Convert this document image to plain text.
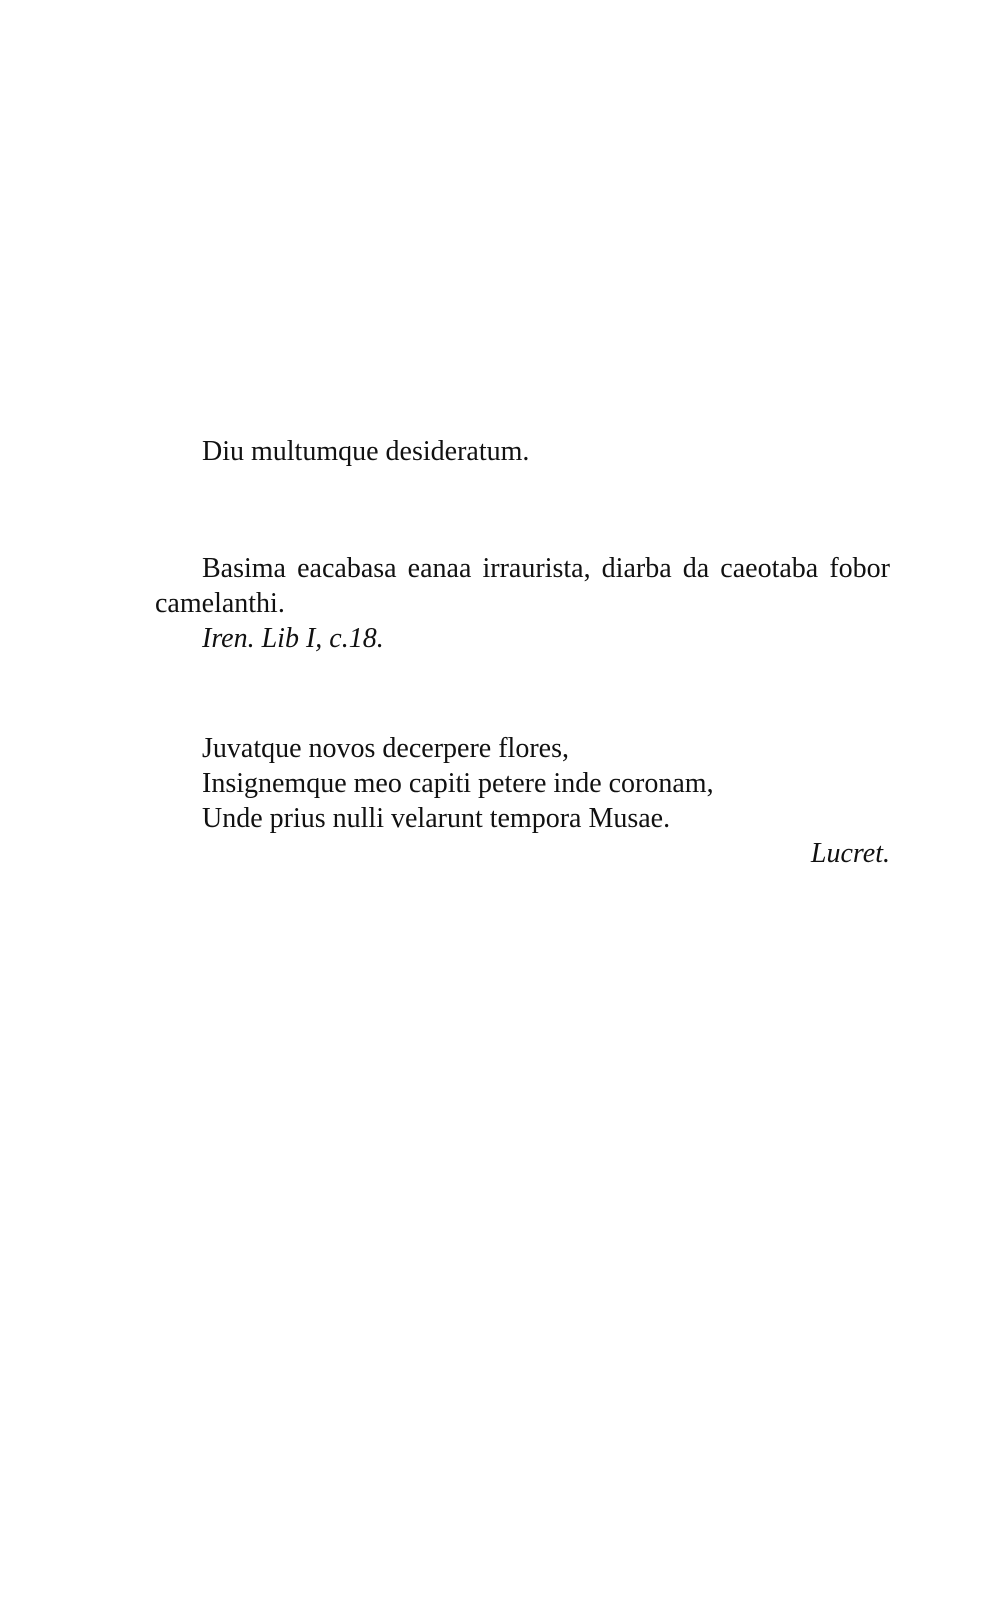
Diu multumque desideratum.

Basima eacabasa eanaa irraurista, diarba da caeotaba fobor camelanthi.

Iren. Lib I, c.18.

Juvatque novos decerpere flores,

Insignemque meo capiti petere inde coronam,

Unde prius nulli velarunt tempora Musae.

Lucret.
